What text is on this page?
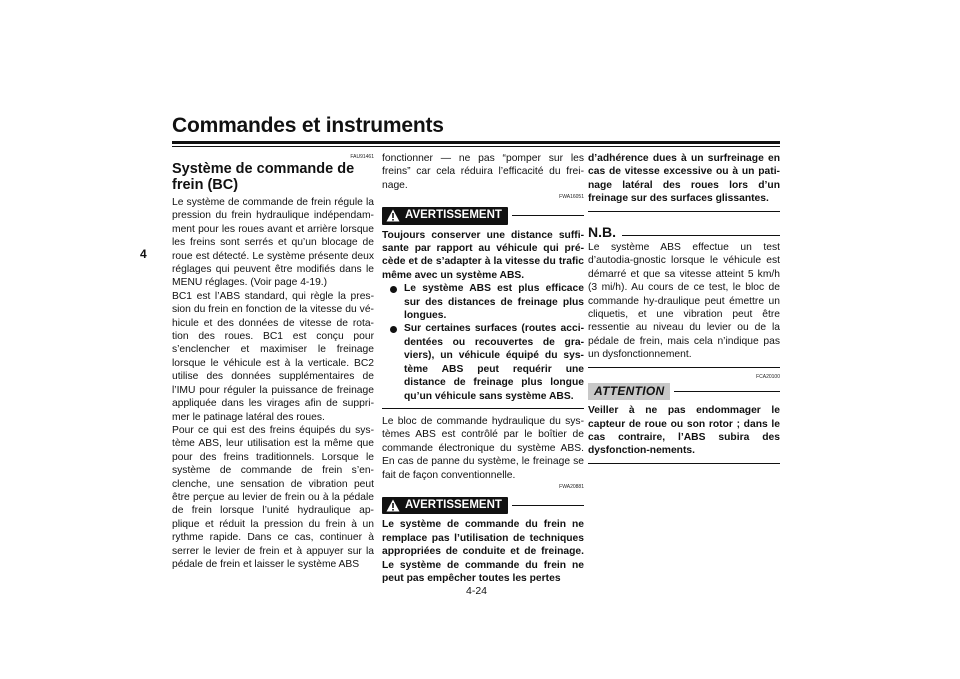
Commandes et instruments
4
FAU91461
Système de commande de frein (BC)

Le système de commande de frein régule la pression du frein hydraulique indépendam-ment pour les roues avant et arrière lorsque les freins sont serrés et qu’un blocage de roue est détecté. Le système présente deux réglages qui peuvent être modifiés dans le MENU réglages. (Voir page 4-19.)

BC1 est l’ABS standard, qui règle la pres-sion du frein en fonction de la vitesse du vé-hicule et des données de vitesse de rota-tion des roues. BC1 est conçu pour s’enclencher et maximiser le freinage lorsque le véhicule est à la verticale. BC2 utilise des données supplémentaires de l’IMU pour réguler la puissance de freinage appliquée dans les virages afin de suppri-mer le patinage latéral des roues.

Pour ce qui est des freins équipés du sys-tème ABS, leur utilisation est la même que pour des freins traditionnels. Lorsque le système de commande de frein s’en-clenche, une sensation de vibration peut être perçue au levier de frein ou à la pédale de frein lorsque l’unité hydraulique ap-plique et réduit la pression du frein à un rythme rapide. Dans ce cas, continuer à serrer le levier de frein et à appuyer sur la pédale de frein et laisser le système ABS

fonctionner — ne pas “pomper sur les freins” car cela réduira l’efficacité du frei-nage.

FWA16051
AVERTISSEMENT

Toujours conserver une distance suffi-sante par rapport au véhicule qui pré-cède et de s’adapter à la vitesse du trafic même avec un système ABS.

Le système ABS est plus efficace sur des distances de freinage plus longues.
Sur certaines surfaces (routes acci-dentées ou recouvertes de gra-viers), un véhicule équipé du sys-tème ABS peut requérir une distance de freinage plus longue qu’un véhicule sans système ABS.

Le bloc de commande hydraulique du sys-tèmes ABS est contrôlé par le boîtier de commande électronique du système ABS. En cas de panne du système, le freinage se fait de façon conventionnelle.

FWA20881
AVERTISSEMENT

Le système de commande du frein ne remplace pas l’utilisation de techniques appropriées de conduite et de freinage. Le système de commande du frein ne peut pas empêcher toutes les pertes

d’adhérence dues à un surfreinage en cas de vitesse excessive ou à un pati-nage latéral des roues lors d’un freinage sur des surfaces glissantes.

N.B.

Le système ABS effectue un test d’autodia-gnostic lorsque le véhicule est démarré et que sa vitesse atteint 5 km/h (3 mi/h). Au cours de ce test, le bloc de commande hy-draulique peut émettre un cliquetis, et une vibration peut être ressentie au niveau du levier ou de la pédale de frein, mais cela n’indique pas un dysfonctionnement.

FCA20100
ATTENTION

Veiller à ne pas endommager le capteur de roue ou son rotor ; dans le cas contraire, l’ABS subira des dysfonction-nements.

4-24
